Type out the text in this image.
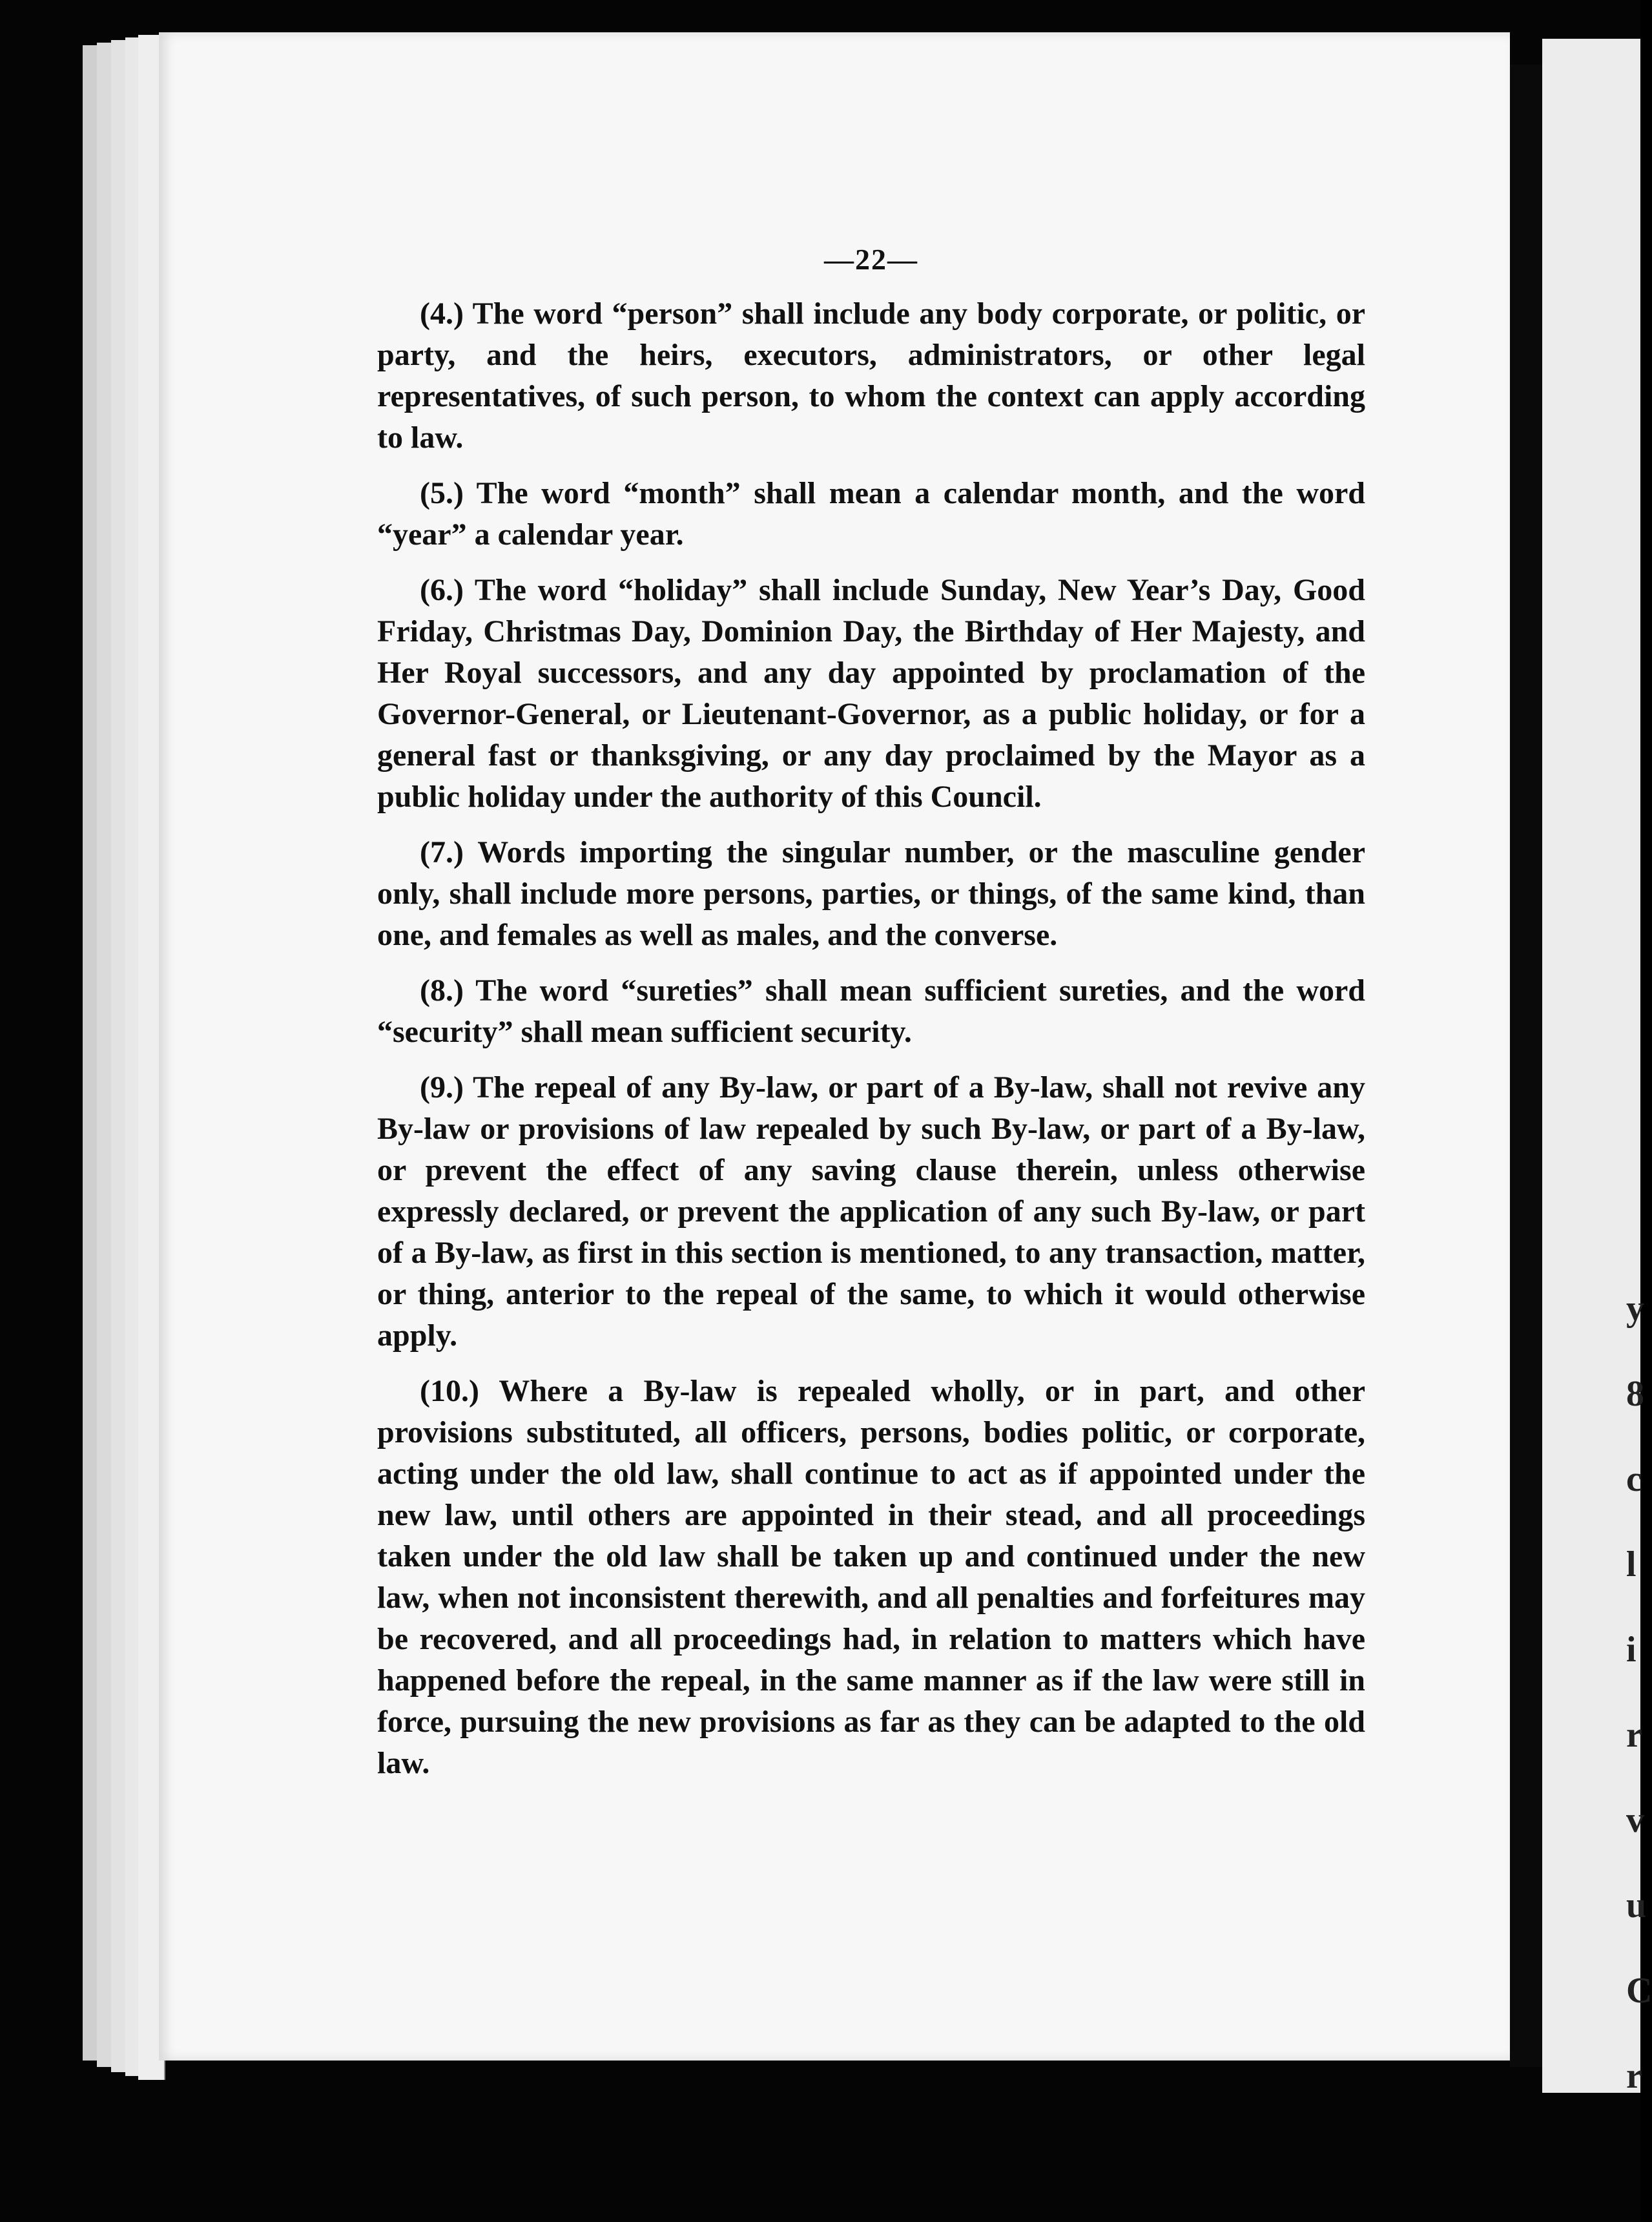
y
8
c
l
i
r
v
u
C
r
—22—

(4.) The word “person” shall include any body corporate, or politic, or party, and the heirs, executors, administrators, or other legal representatives, of such person, to whom the context can apply according to law.

(5.) The word “month” shall mean a calendar month, and the word “year” a calendar year.

(6.) The word “holiday” shall include Sunday, New Year’s Day, Good Friday, Christmas Day, Dominion Day, the Birthday of Her Majesty, and Her Royal successors, and any day appointed by proclamation of the Governor-General, or Lieutenant-Governor, as a public holiday, or for a general fast or thanksgiving, or any day proclaimed by the Mayor as a public holiday under the authority of this Council.

(7.) Words importing the singular number, or the masculine gender only, shall include more persons, parties, or things, of the same kind, than one, and females as well as males, and the converse.

(8.) The word “sureties” shall mean sufficient sureties, and the word “security” shall mean sufficient security.

(9.) The repeal of any By-law, or part of a By-law, shall not revive any By-law or provisions of law repealed by such By-law, or part of a By-law, or prevent the effect of any saving clause therein, unless otherwise expressly declared, or prevent the application of any such By-law, or part of a By-law, as first in this section is mentioned, to any transaction, matter, or thing, anterior to the repeal of the same, to which it would otherwise apply.

(10.) Where a By-law is repealed wholly, or in part, and other provisions substituted, all officers, persons, bodies politic, or corporate, acting under the old law, shall continue to act as if appointed under the new law, until others are appointed in their stead, and all proceedings taken under the old law shall be taken up and continued under the new law, when not inconsistent therewith, and all penalties and forfeitures may be recovered, and all proceedings had, in relation to matters which have happened before the repeal, in the same manner as if the law were still in force, pursuing the new provisions as far as they can be adapted to the old law.
